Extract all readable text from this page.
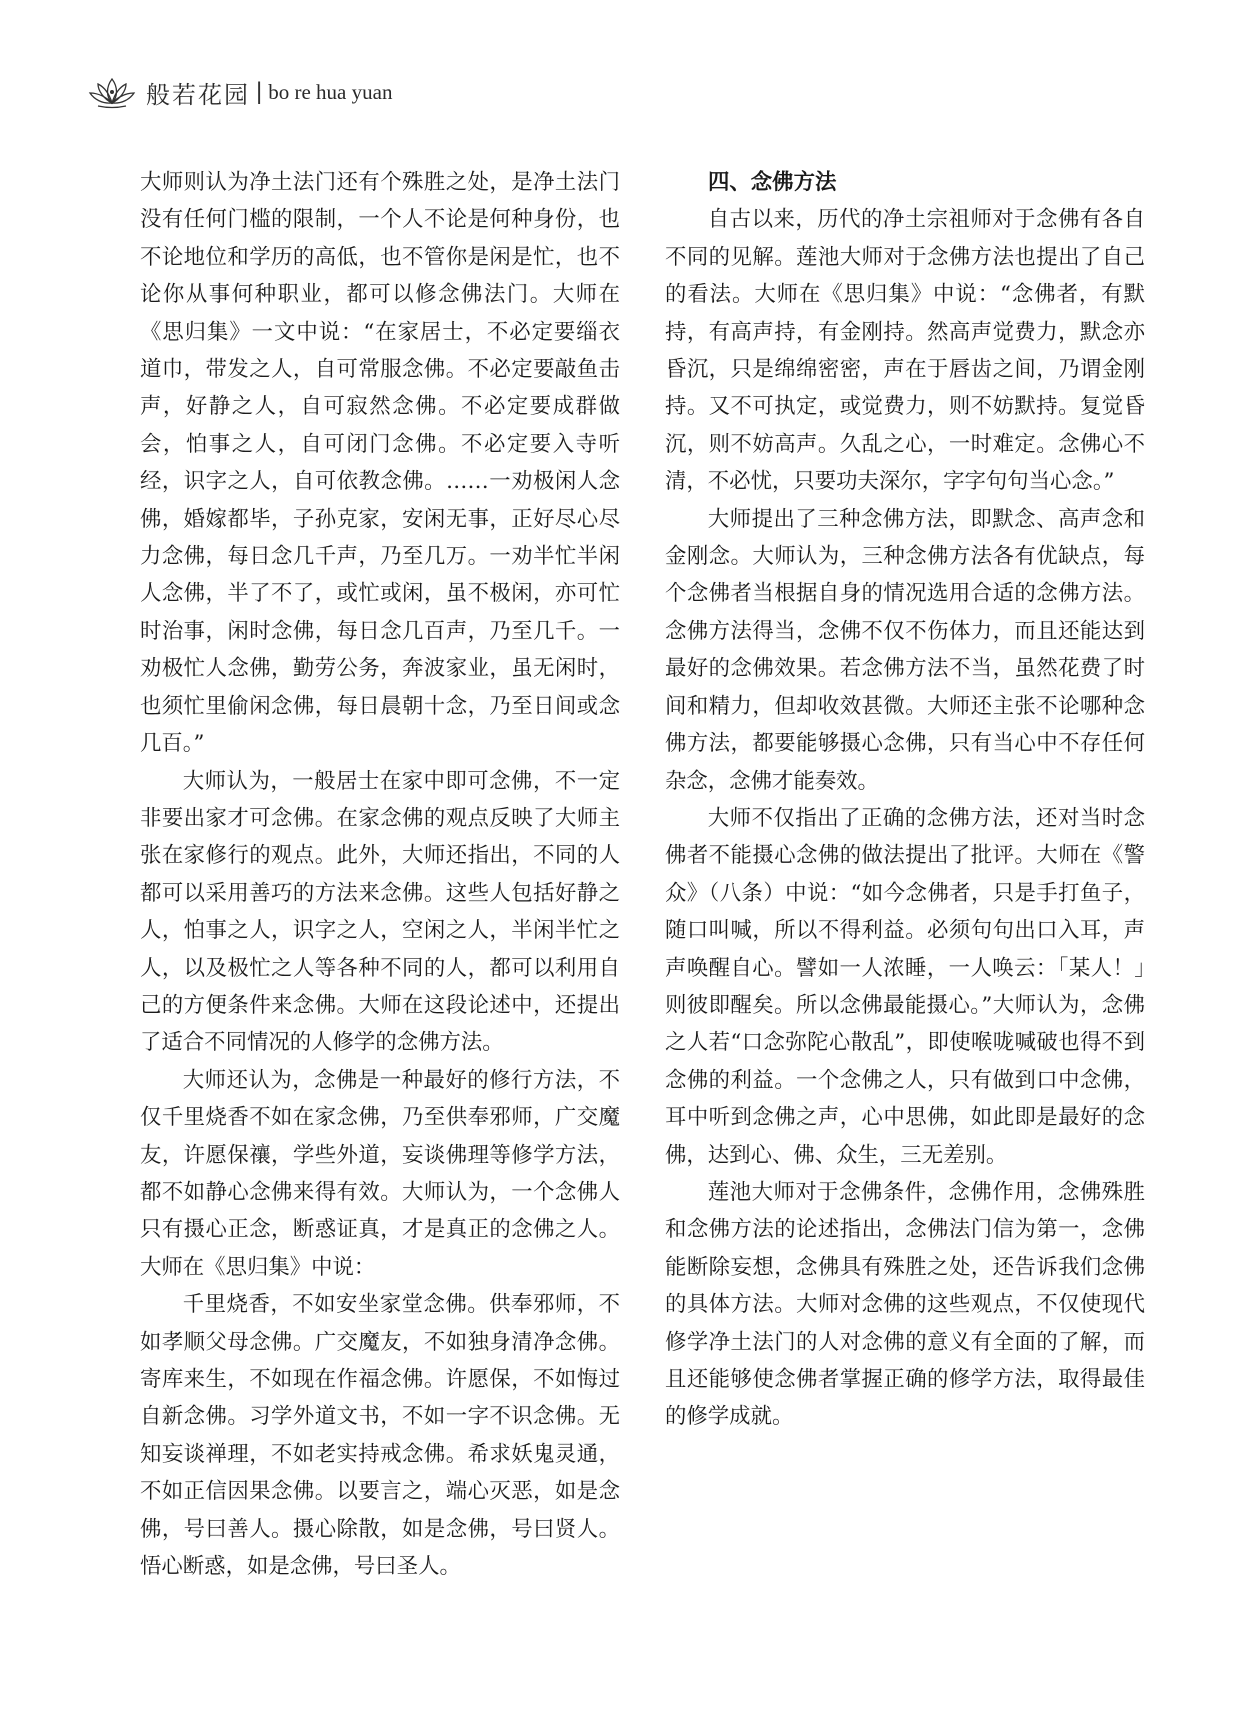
般若花园 | bo re hua yuan

大师则认为净土法门还有个殊胜之处，是净土法门没有任何门槛的限制，一个人不论是何种身份，也不论地位和学历的高低，也不管你是闲是忙，也不论你从事何种职业，都可以修念佛法门。大师在《思归集》一文中说：“在家居士，不必定要缁衣道巾，带发之人，自可常服念佛。不必定要敲鱼击声，好静之人，自可寂然念佛。不必定要成群做会，怕事之人，自可闭门念佛。不必定要入寺听经，识字之人，自可依教念佛。……一劝极闲人念佛，婚嫁都毕，子孙克家，安闲无事，正好尽心尽力念佛，每日念几千声，乃至几万。一劝半忙半闲人念佛，半了不了，或忙或闲，虽不极闲，亦可忙时治事，闲时念佛，每日念几百声，乃至几千。一劝极忙人念佛，勤劳公务，奔波家业，虽无闲时，也须忙里偷闲念佛，每日晨朝十念，乃至日间或念几百。”

大师认为，一般居士在家中即可念佛，不一定非要出家才可念佛。在家念佛的观点反映了大师主张在家修行的观点。此外，大师还指出，不同的人都可以采用善巧的方法来念佛。这些人包括好静之人，怕事之人，识字之人，空闲之人，半闲半忙之人，以及极忙之人等各种不同的人，都可以利用自己的方便条件来念佛。大师在这段论述中，还提出了适合不同情况的人修学的念佛方法。

大师还认为，念佛是一种最好的修行方法，不仅千里烧香不如在家念佛，乃至供奉邪师，广交魔友，许愿保禳，学些外道，妄谈佛理等修学方法，都不如静心念佛来得有效。大师认为，一个念佛人只有摄心正念，断惑证真，才是真正的念佛之人。大师在《思归集》中说：

千里烧香，不如安坐家堂念佛。供奉邪师，不如孝顺父母念佛。广交魔友，不如独身清净念佛。寄库来生，不如现在作福念佛。许愿保，不如悔过自新念佛。习学外道文书，不如一字不识念佛。无知妄谈禅理，不如老实持戒念佛。希求妖鬼灵通，不如正信因果念佛。以要言之，端心灭恶，如是念佛，号曰善人。摄心除散，如是念佛，号曰贤人。悟心断惑，如是念佛，号曰圣人。

四、念佛方法

自古以来，历代的净土宗祖师对于念佛有各自不同的见解。莲池大师对于念佛方法也提出了自己的看法。大师在《思归集》中说：“念佛者，有默持，有高声持，有金刚持。然高声觉费力，默念亦昏沉，只是绵绵密密，声在于唇齿之间，乃谓金刚持。又不可执定，或觉费力，则不妨默持。复觉昏沉，则不妨高声。久乱之心，一时难定。念佛心不清，不必忧，只要功夫深尔，字字句句当心念。”

大师提出了三种念佛方法，即默念、高声念和金刚念。大师认为，三种念佛方法各有优缺点，每个念佛者当根据自身的情况选用合适的念佛方法。念佛方法得当，念佛不仅不伤体力，而且还能达到最好的念佛效果。若念佛方法不当，虽然花费了时间和精力，但却收效甚微。大师还主张不论哪种念佛方法，都要能够摄心念佛，只有当心中不存任何杂念，念佛才能奏效。

大师不仅指出了正确的念佛方法，还对当时念佛者不能摄心念佛的做法提出了批评。大师在《警众》（八条）中说：“如今念佛者，只是手打鱼子，随口叫喊，所以不得利益。必须句句出口入耳，声声唤醒自心。譬如一人浓睡，一人唤云：「某人！」则彼即醒矣。所以念佛最能摄心。”大师认为，念佛之人若“口念弥陀心散乱”，即使喉咙喊破也得不到念佛的利益。一个念佛之人，只有做到口中念佛，耳中听到念佛之声，心中思佛，如此即是最好的念佛，达到心、佛、众生，三无差别。

莲池大师对于念佛条件，念佛作用，念佛殊胜和念佛方法的论述指出，念佛法门信为第一，念佛能断除妄想，念佛具有殊胜之处，还告诉我们念佛的具体方法。大师对念佛的这些观点，不仅使现代修学净土法门的人对念佛的意义有全面的了解，而且还能够使念佛者掌握正确的修学方法，取得最佳的修学成就。
